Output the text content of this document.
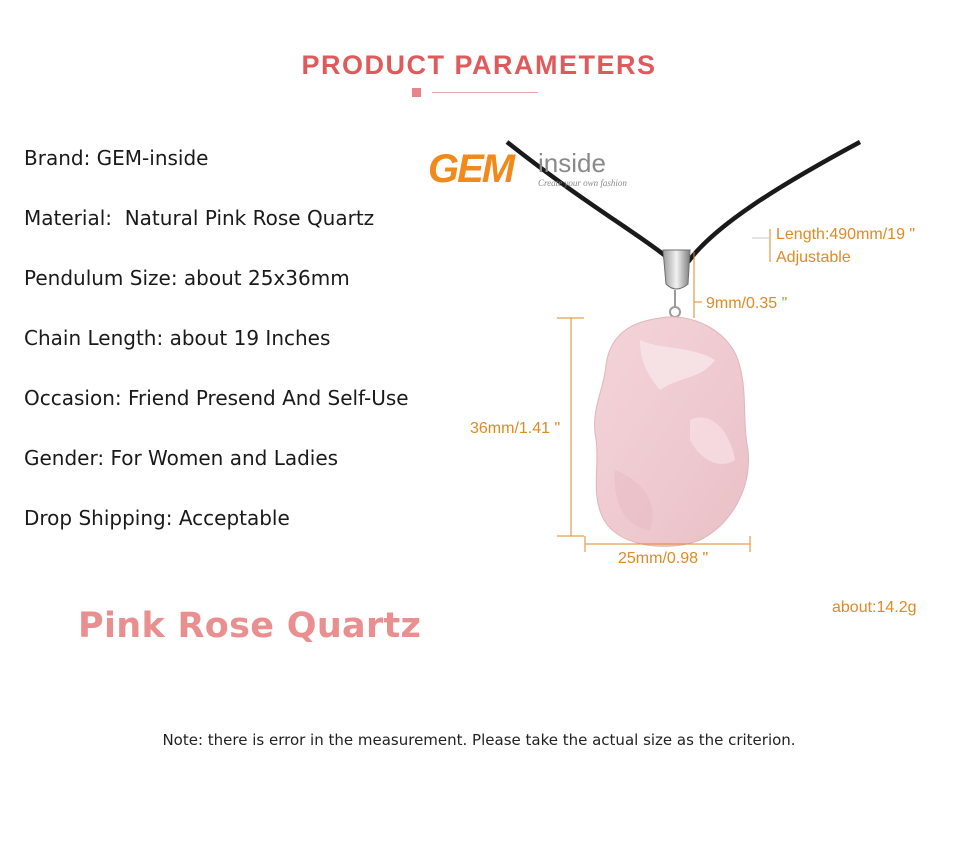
PRODUCT PARAMETERS
Brand: GEM-inside
Material:  Natural Pink Rose Quartz
Pendulum Size: about 25x36mm
Chain Length: about 19 Inches
Occasion: Friend Presend And Self-Use
Gender: For Women and Ladies
Drop Shipping: Acceptable
Pink Rose Quartz
GEM inside
Create your own fashion
Length:490mm/19 "
Adjustable
9mm/0.35 "
36mm/1.41 "
25mm/0.98 "
about:14.2g
Note: there is error in the measurement. Please take the actual size as the criterion.
